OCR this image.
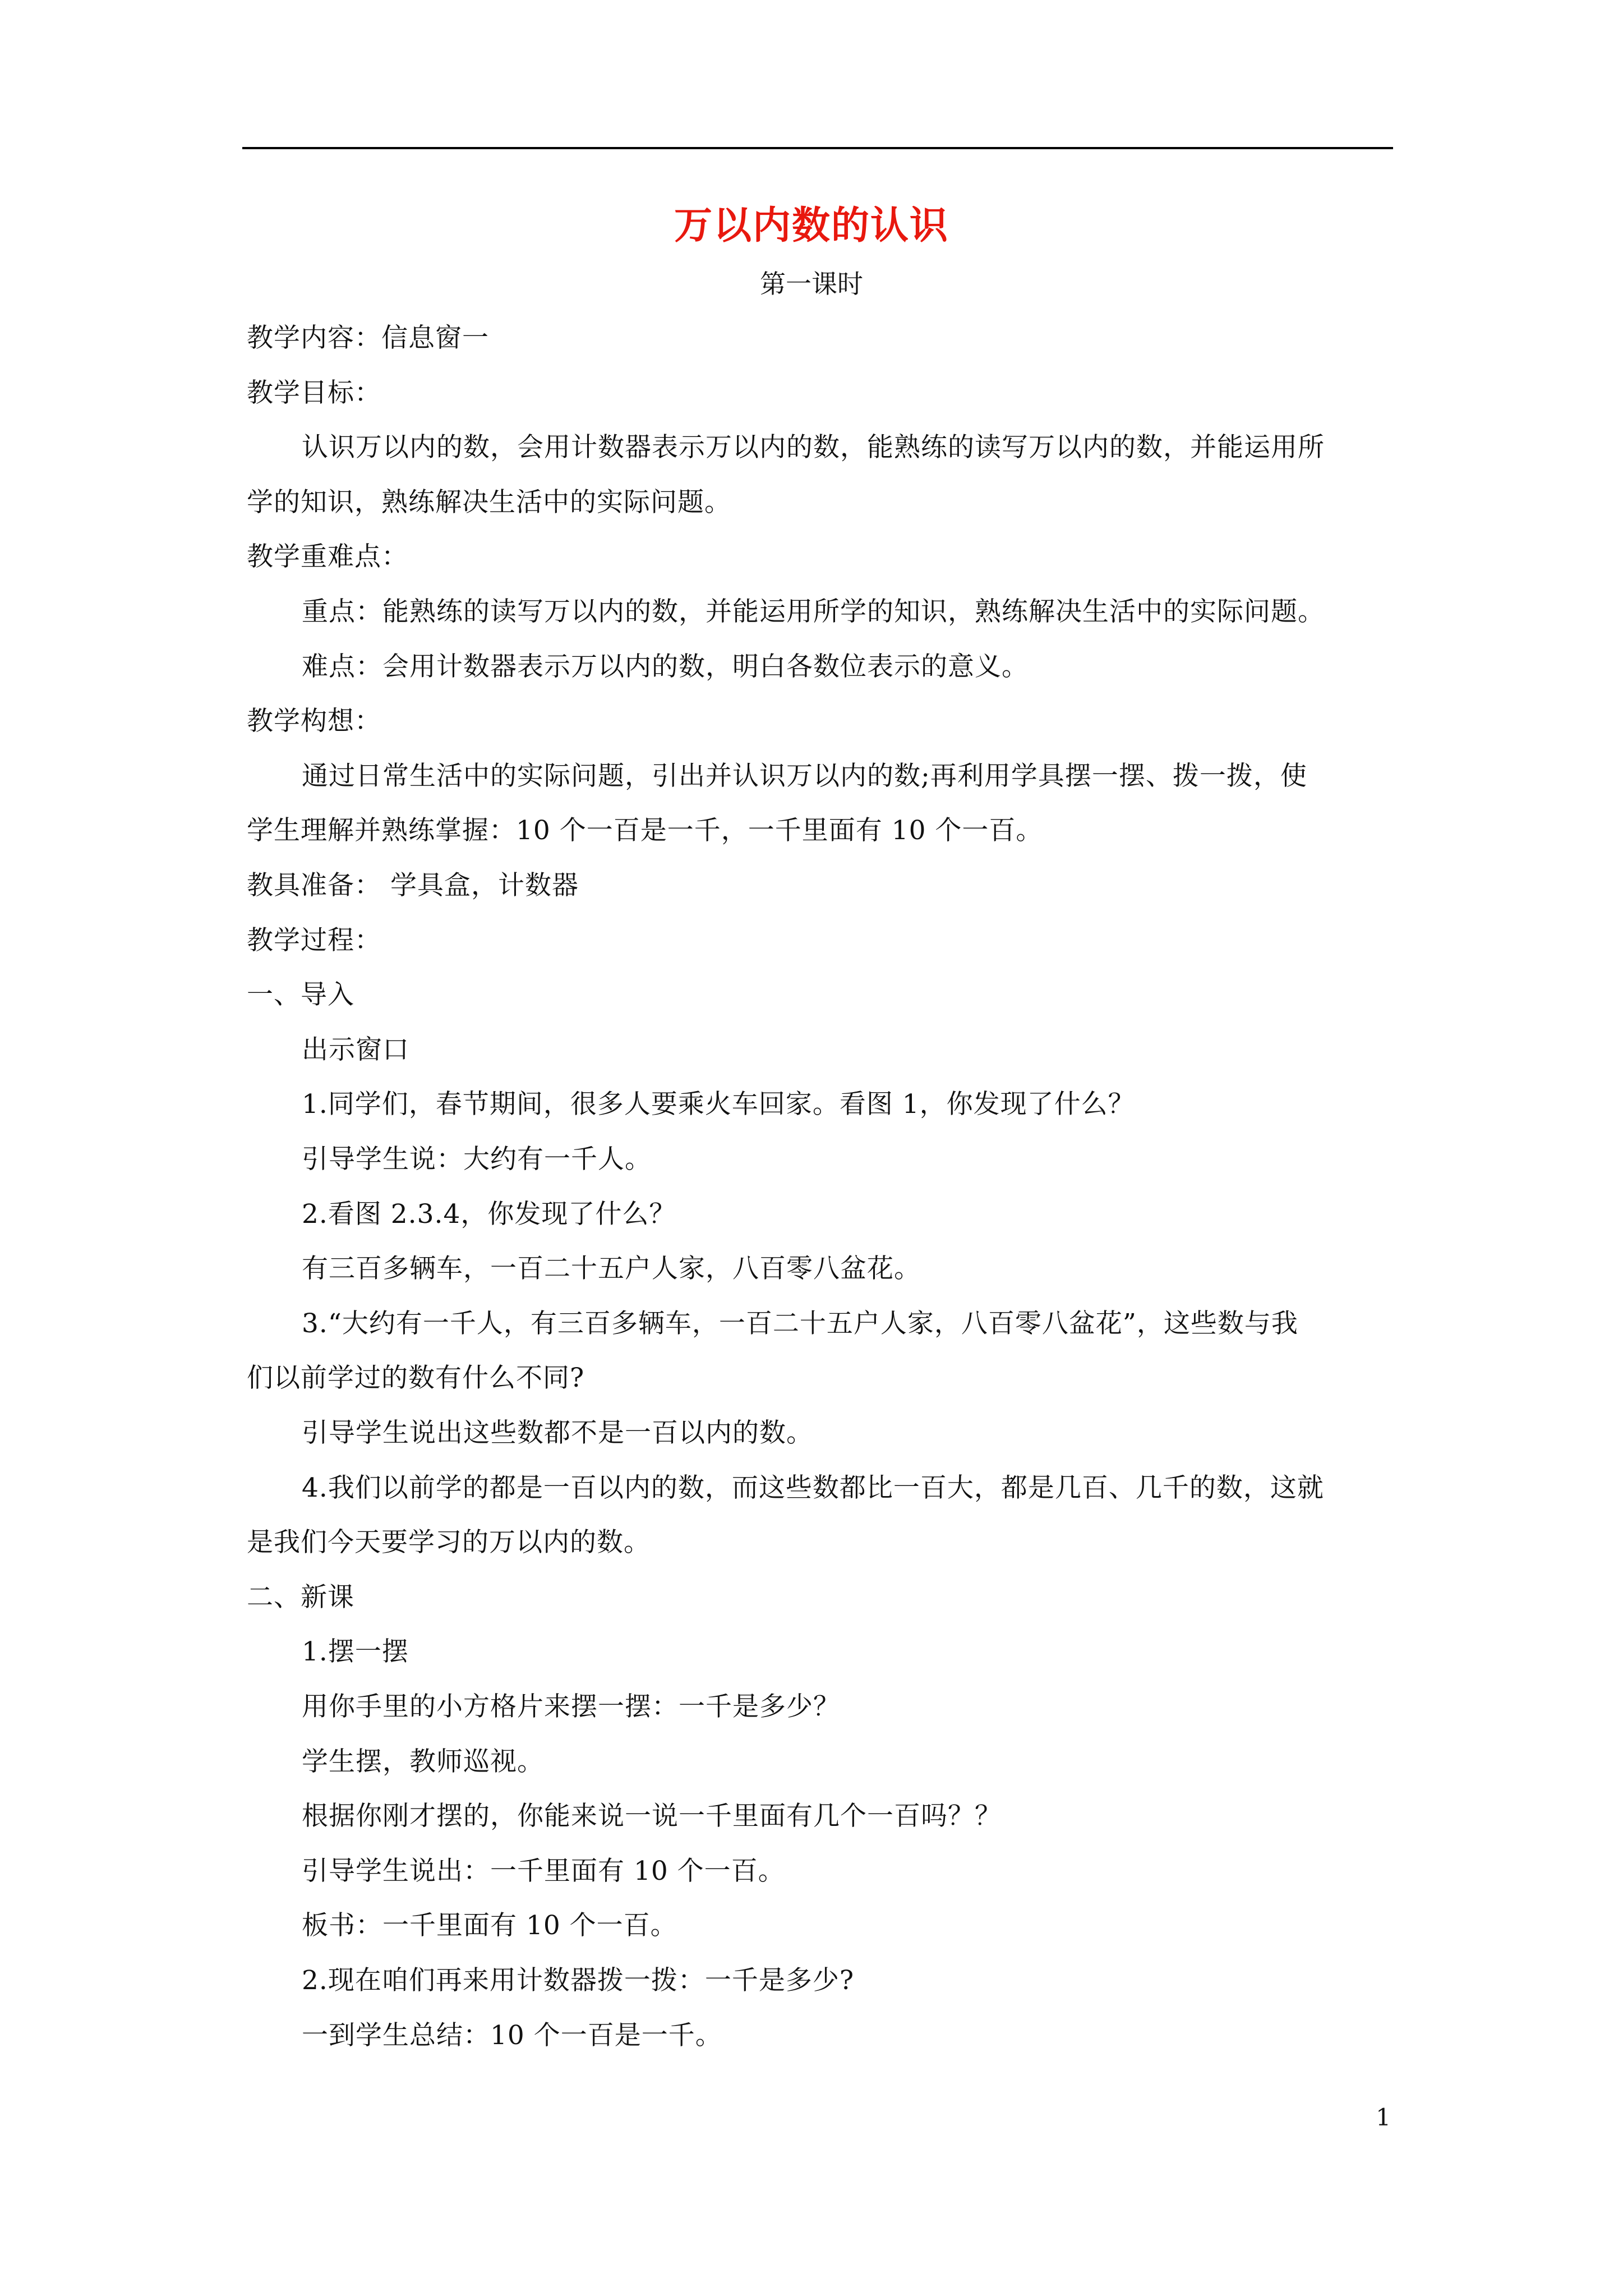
万以内数的认识
第一课时
教学内容：信息窗一
教学目标：
认识万以内的数，会用计数器表示万以内的数，能熟练的读写万以内的数，并能运用所
学的知识，熟练解决生活中的实际问题。
教学重难点：
重点：能熟练的读写万以内的数，并能运用所学的知识，熟练解决生活中的实际问题。
难点：会用计数器表示万以内的数，明白各数位表示的意义。
教学构想：
通过日常生活中的实际问题，引出并认识万以内的数;再利用学具摆一摆、拨一拨，使
学生理解并熟练掌握：10 个一百是一千，一千里面有 10 个一百。
教具准备： 学具盒，计数器
教学过程：
一、导入
出示窗口
1.同学们，春节期间，很多人要乘火车回家。看图 1，你发现了什么？
引导学生说：大约有一千人。
2.看图 2.3.4，你发现了什么？
有三百多辆车，一百二十五户人家，八百零八盆花。
3.“大约有一千人，有三百多辆车，一百二十五户人家，八百零八盆花”，这些数与我
们以前学过的数有什么不同?
引导学生说出这些数都不是一百以内的数。
4.我们以前学的都是一百以内的数，而这些数都比一百大，都是几百、几千的数，这就
是我们今天要学习的万以内的数。
二、新课
1.摆一摆
用你手里的小方格片来摆一摆：一千是多少？
学生摆，教师巡视。
根据你刚才摆的，你能来说一说一千里面有几个一百吗？？
引导学生说出：一千里面有 10 个一百。
板书：一千里面有 10 个一百。
2.现在咱们再来用计数器拨一拨：一千是多少?
一到学生总结：10 个一百是一千。
1
